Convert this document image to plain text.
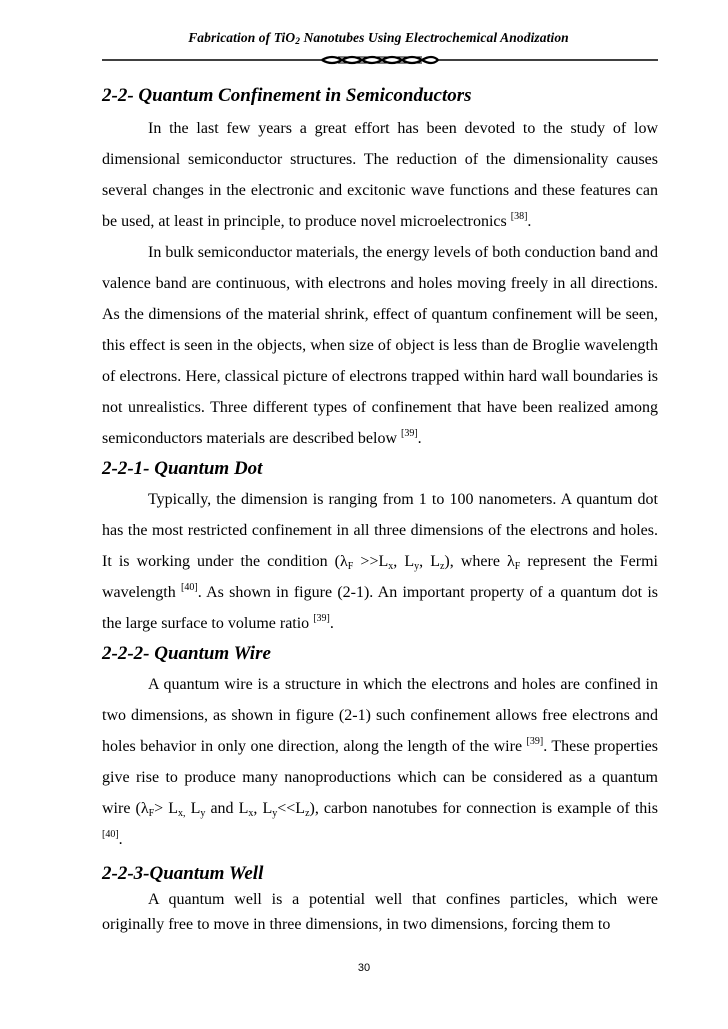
Fabrication of TiO2 Nanotubes Using Electrochemical Anodization
2-2- Quantum Confinement in Semiconductors

In the last few years a great effort has been devoted to the study of low dimensional semiconductor structures. The reduction of the dimensionality causes several changes in the electronic and excitonic wave functions and these features can be used, at least in principle, to produce novel microelectronics [38].

In bulk semiconductor materials, the energy levels of both conduction band and valence band are continuous, with electrons and holes moving freely in all directions. As the dimensions of the material shrink, effect of quantum confinement will be seen, this effect is seen in the objects, when size of object is less than de Broglie wavelength of electrons. Here, classical picture of electrons trapped within hard wall boundaries is not unrealistics. Three different types of confinement that have been realized among semiconductors materials are described below [39].

2-2-1- Quantum Dot

Typically, the dimension is ranging from 1 to 100 nanometers. A quantum dot has the most restricted confinement in all three dimensions of the electrons and holes. It is working under the condition ($\lambda_F >>L_x$, $L_y$, $L_z$), where $\lambda_F$ represent the Fermi wavelength [40]. As shown in figure (2-1). An important property of a quantum dot is the large surface to volume ratio [39].

2-2-2- Quantum Wire

A quantum wire is a structure in which the electrons and holes are confined in two dimensions, as shown in figure (2-1) such confinement allows free electrons and holes behavior in only one direction, along the length of the wire [39]. These properties give rise to produce many nanoproductions which can be considered as a quantum wire ($\lambda_F> L_{x,}$ $L_y$ and $L_x$, $L_y<<L_z$), carbon nanotubes for connection is example of this [40].

2-2-3-Quantum Well

A quantum well is a potential well that confines particles, which were originally free to move in three dimensions, in two dimensions, forcing them to

30
